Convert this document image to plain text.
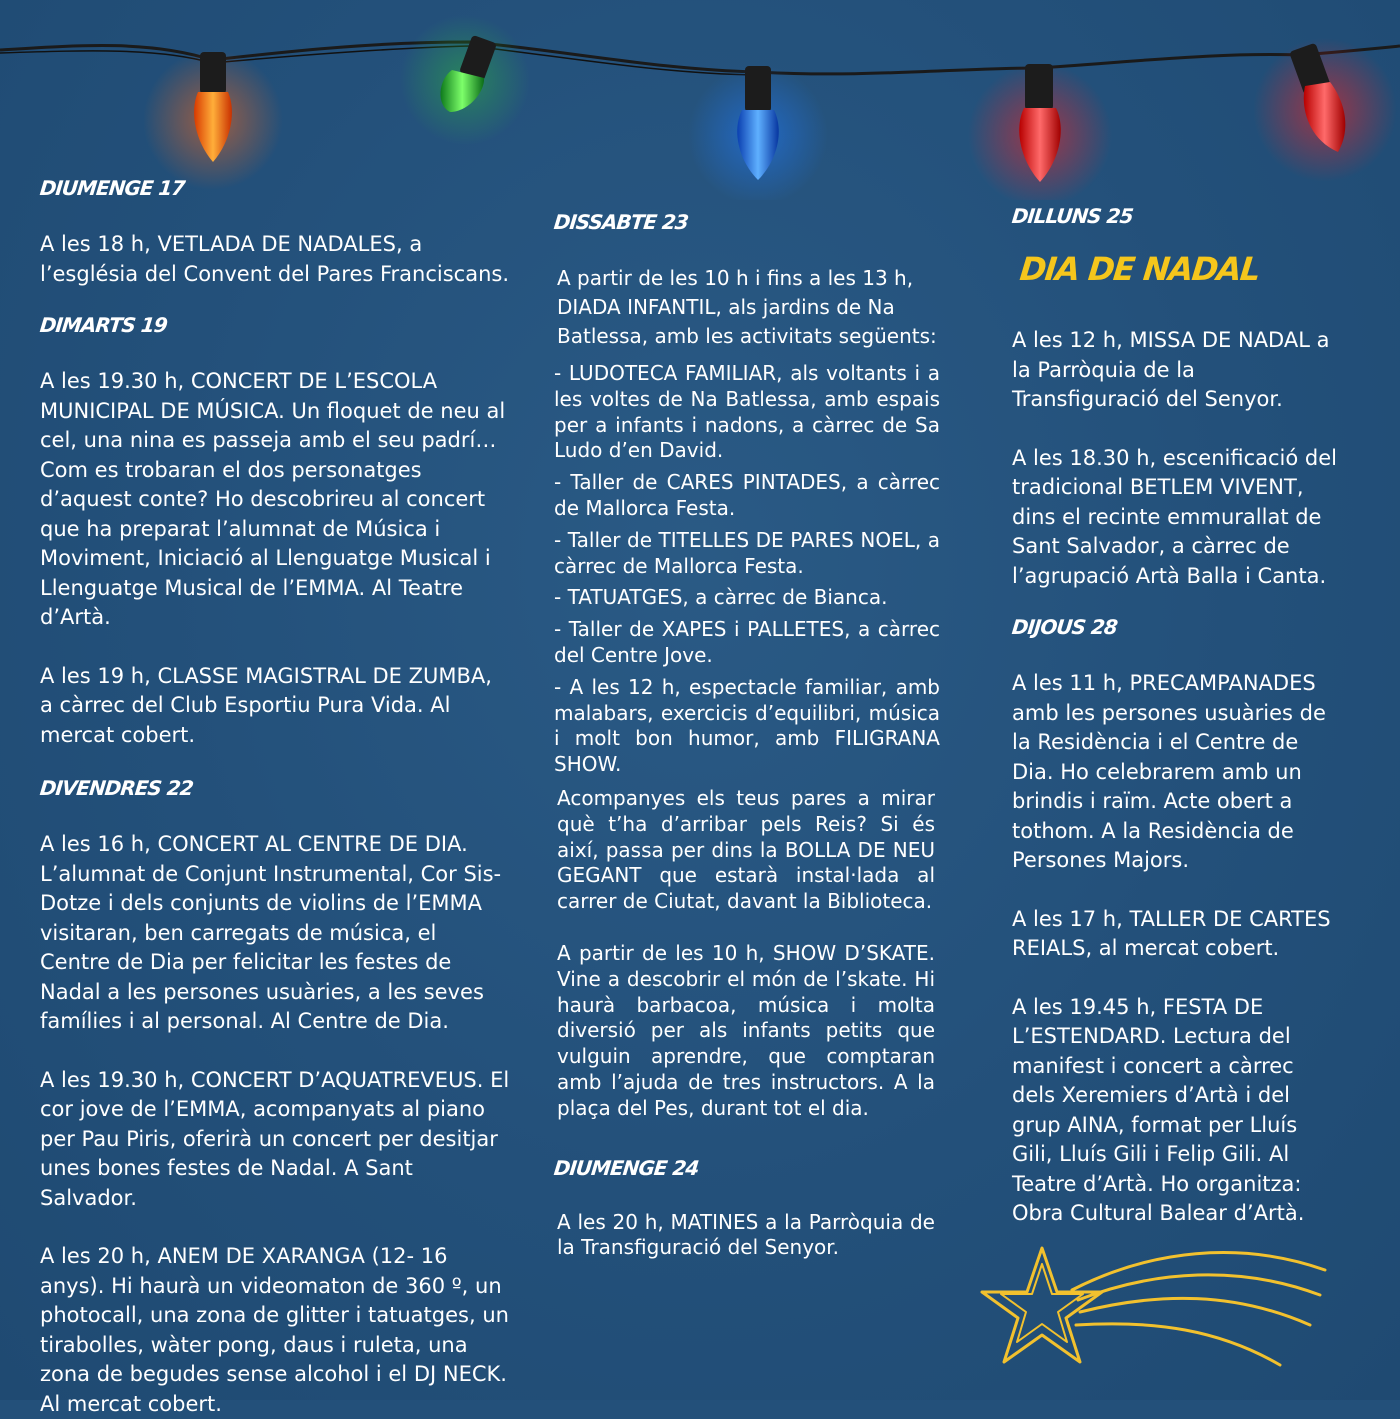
DIUMENGE 17

A les 18 h, VETLADA DE NADALES, a l’església del Convent del Pares Franciscans.

DIMARTS 19

A les 19.30 h, CONCERT DE L’ESCOLA MUNICIPAL DE MÚSICA. Un floquet de neu al cel, una nina es passeja amb el seu padrí… Com es trobaran el dos personatges d’aquest conte? Ho descobrireu al concert que ha preparat l’alumnat de Música i Moviment, Iniciació al Llenguatge Musical i Llenguatge Musical de l’EMMA. Al Teatre d’Artà.

A les 19 h, CLASSE MAGISTRAL DE ZUMBA, a càrrec del Club Esportiu Pura Vida. Al mercat cobert.

DIVENDRES 22

A les 16 h, CONCERT AL CENTRE DE DIA. L’alumnat de Conjunt Instrumental, Cor Sis-Dotze i dels conjunts de violins de l’EMMA visitaran, ben carregats de música, el Centre de Dia per felicitar les festes de Nadal a les persones usuàries, a les seves famílies i al personal. Al Centre de Dia.

A les 19.30 h, CONCERT D’AQUATREVEUS. El cor jove de l’EMMA, acompanyats al piano per Pau Piris, oferirà un concert per desitjar unes bones festes de Nadal. A Sant Salvador.

A les 20 h, ANEM DE XARANGA (12- 16 anys). Hi haurà un videomaton de 360 º, un photocall, una zona de glitter i tatuatges, un tirabolles, wàter pong, daus i ruleta, una zona de begudes sense alcohol i el DJ NECK. Al mercat cobert.

DISSABTE 23

A partir de les 10 h i fins a les 13 h, DIADA INFANTIL, als jardins de Na Batlessa, amb les activitats següents:

- LUDOTECA FAMILIAR, als voltants i a les voltes de Na Batlessa, amb espais per a infants i nadons, a càrrec de Sa Ludo d’en David.

- Taller de CARES PINTADES, a càrrec de Mallorca Festa.

- Taller de TITELLES DE PARES NOEL, a càrrec de Mallorca Festa.

- TATUATGES, a càrrec de Bianca.

- Taller de XAPES i PALLETES, a càrrec del Centre Jove.

- A les 12 h, espectacle familiar, amb malabars, exercicis d’equilibri, música i molt bon humor, amb FILIGRANA SHOW.

Acompanyes els teus pares a mirar què t’ha d’arribar pels Reis? Si és així, passa per dins la BOLLA DE NEU GEGANT que estarà instal·lada al carrer de Ciutat, davant la Biblioteca.

A partir de les 10 h, SHOW D’SKATE. Vine a descobrir el món de l’skate. Hi haurà barbacoa, música i molta diversió per als infants petits que vulguin aprendre, que comptaran amb l’ajuda de tres instructors. A la plaça del Pes, durant tot el dia.

DIUMENGE 24

A les 20 h, MATINES a la Parròquia de la Transfiguració del Senyor.

DILLUNS 25
DIA DE NADAL

A les 12 h, MISSA DE NADAL a la Parròquia de la Transfiguració del Senyor.

A les 18.30 h, escenificació del tradicional BETLEM VIVENT, dins el recinte emmurallat de Sant Salvador, a càrrec de l’agrupació Artà Balla i Canta.

DIJOUS 28

A les 11 h, PRECAMPANADES amb les persones usuàries de la Residència i el Centre de Dia. Ho celebrarem amb un brindis i raïm. Acte obert a tothom. A la Residència de Persones Majors.

A les 17 h, TALLER DE CARTES REIALS, al mercat cobert.

A les 19.45 h, FESTA DE L’ESTENDARD. Lectura del manifest i concert a càrrec dels Xeremiers d’Artà i del grup AINA, format per Lluís Gili, Lluís Gili i Felip Gili. Al Teatre d’Artà. Ho organitza: Obra Cultural Balear d’Artà.
